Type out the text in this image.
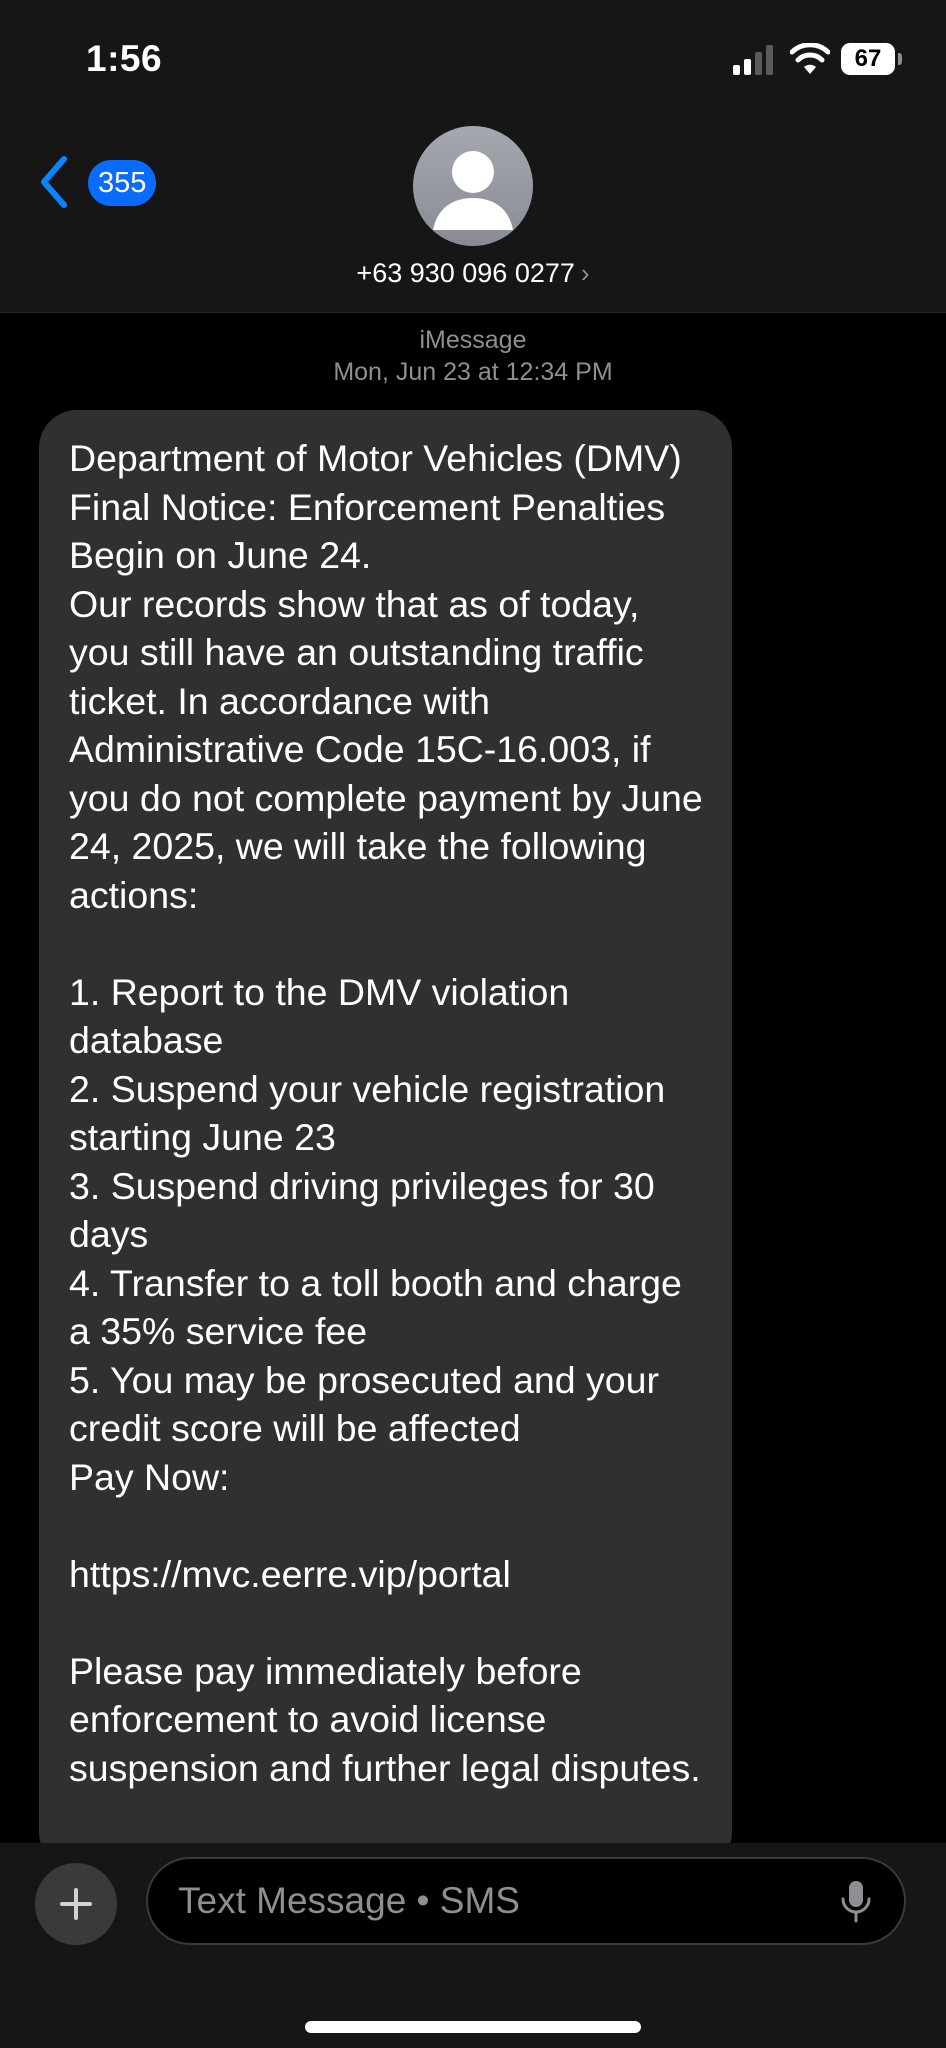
1:56	67
355
+63 930 096 0277 ›
iMessage
Mon, Jun 23 at 12:34 PM
Department of Motor Vehicles (DMV) Final Notice: Enforcement Penalties Begin on June 24.
Our records show that as of today, you still have an outstanding traffic ticket. In accordance with Administrative Code 15C-16.003, if you do not complete payment by June 24, 2025, we will take the following actions:

1. Report to the DMV violation database
2. Suspend your vehicle registration starting June 23
3. Suspend driving privileges for 30 days
4. Transfer to a toll booth and charge a 35% service fee
5. You may be prosecuted and your credit score will be affected
Pay Now:

https://mvc.eerre.vip/portal

Please pay immediately before enforcement to avoid license suspension and further legal disputes.
Text Message • SMS
